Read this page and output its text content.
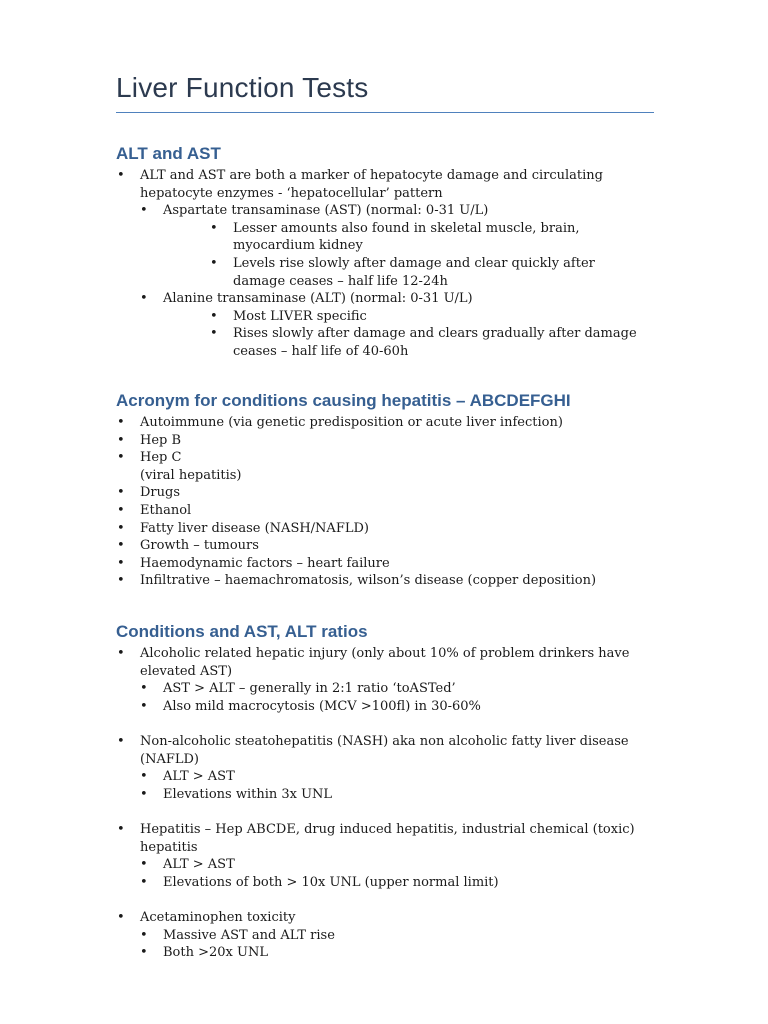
Liver Function Tests
ALT and AST
• ALT and AST are both a marker of hepatocyte damage and circulating hepatocyte enzymes - ‘hepatocellular’ pattern
• Aspartate transaminase (AST) (normal: 0-31 U/L)
• Lesser amounts also found in skeletal muscle, brain, myocardium kidney
• Levels rise slowly after damage and clear quickly after damage ceases – half life 12-24h
• Alanine transaminase (ALT) (normal: 0-31 U/L)
• Most LIVER specific
• Rises slowly after damage and clears gradually after damage ceases – half life of 40-60h
Acronym for conditions causing hepatitis – ABCDEFGHI
• Autoimmune (via genetic predisposition or acute liver infection)
• Hep B
• Hep C
(viral hepatitis)
• Drugs
• Ethanol
• Fatty liver disease (NASH/NAFLD)
• Growth – tumours
• Haemodynamic factors – heart failure
• Infiltrative – haemachromatosis, wilson’s disease (copper deposition)
Conditions and AST, ALT ratios
• Alcoholic related hepatic injury (only about 10% of problem drinkers have elevated AST)
• AST > ALT – generally in 2:1 ratio ‘toASTed’
• Also mild macrocytosis (MCV >100fl) in 30-60%
• Non-alcoholic steatohepatitis (NASH) aka non alcoholic fatty liver disease (NAFLD)
• ALT > AST
• Elevations within 3x UNL
• Hepatitis – Hep ABCDE, drug induced hepatitis, industrial chemical (toxic) hepatitis
• ALT > AST
• Elevations of both > 10x UNL (upper normal limit)
• Acetaminophen toxicity
• Massive AST and ALT rise
• Both >20x UNL
